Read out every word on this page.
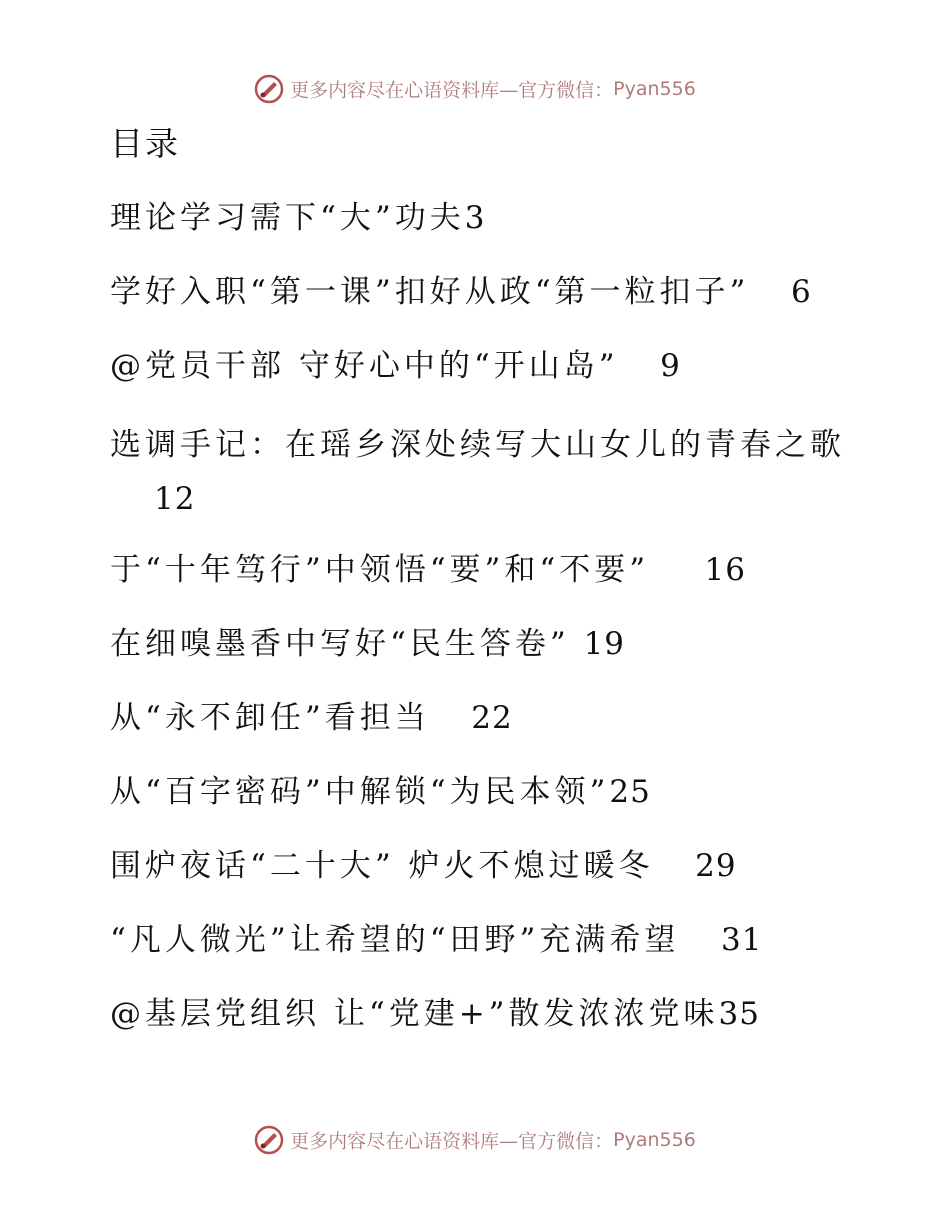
更多内容尽在心语资料库—官方微信：Pyan556
目录
理论学习需下“大”功夫3
学好入职“第一课”扣好从政“第一粒扣子” 6
@党员干部 守好心中的“开山岛” 9
选调手记：在瑶乡深处续写大山女儿的青春之歌
12
于“十年笃行”中领悟“要”和“不要” 16
在细嗅墨香中写好“民生答卷” 19
从“永不卸任”看担当 22
从“百字密码”中解锁“为民本领”25
围炉夜话“二十大” 炉火不熄过暖冬 29
“凡人微光”让希望的“田野”充满希望 31
@基层党组织 让“党建+”散发浓浓党味35
更多内容尽在心语资料库—官方微信：Pyan556
